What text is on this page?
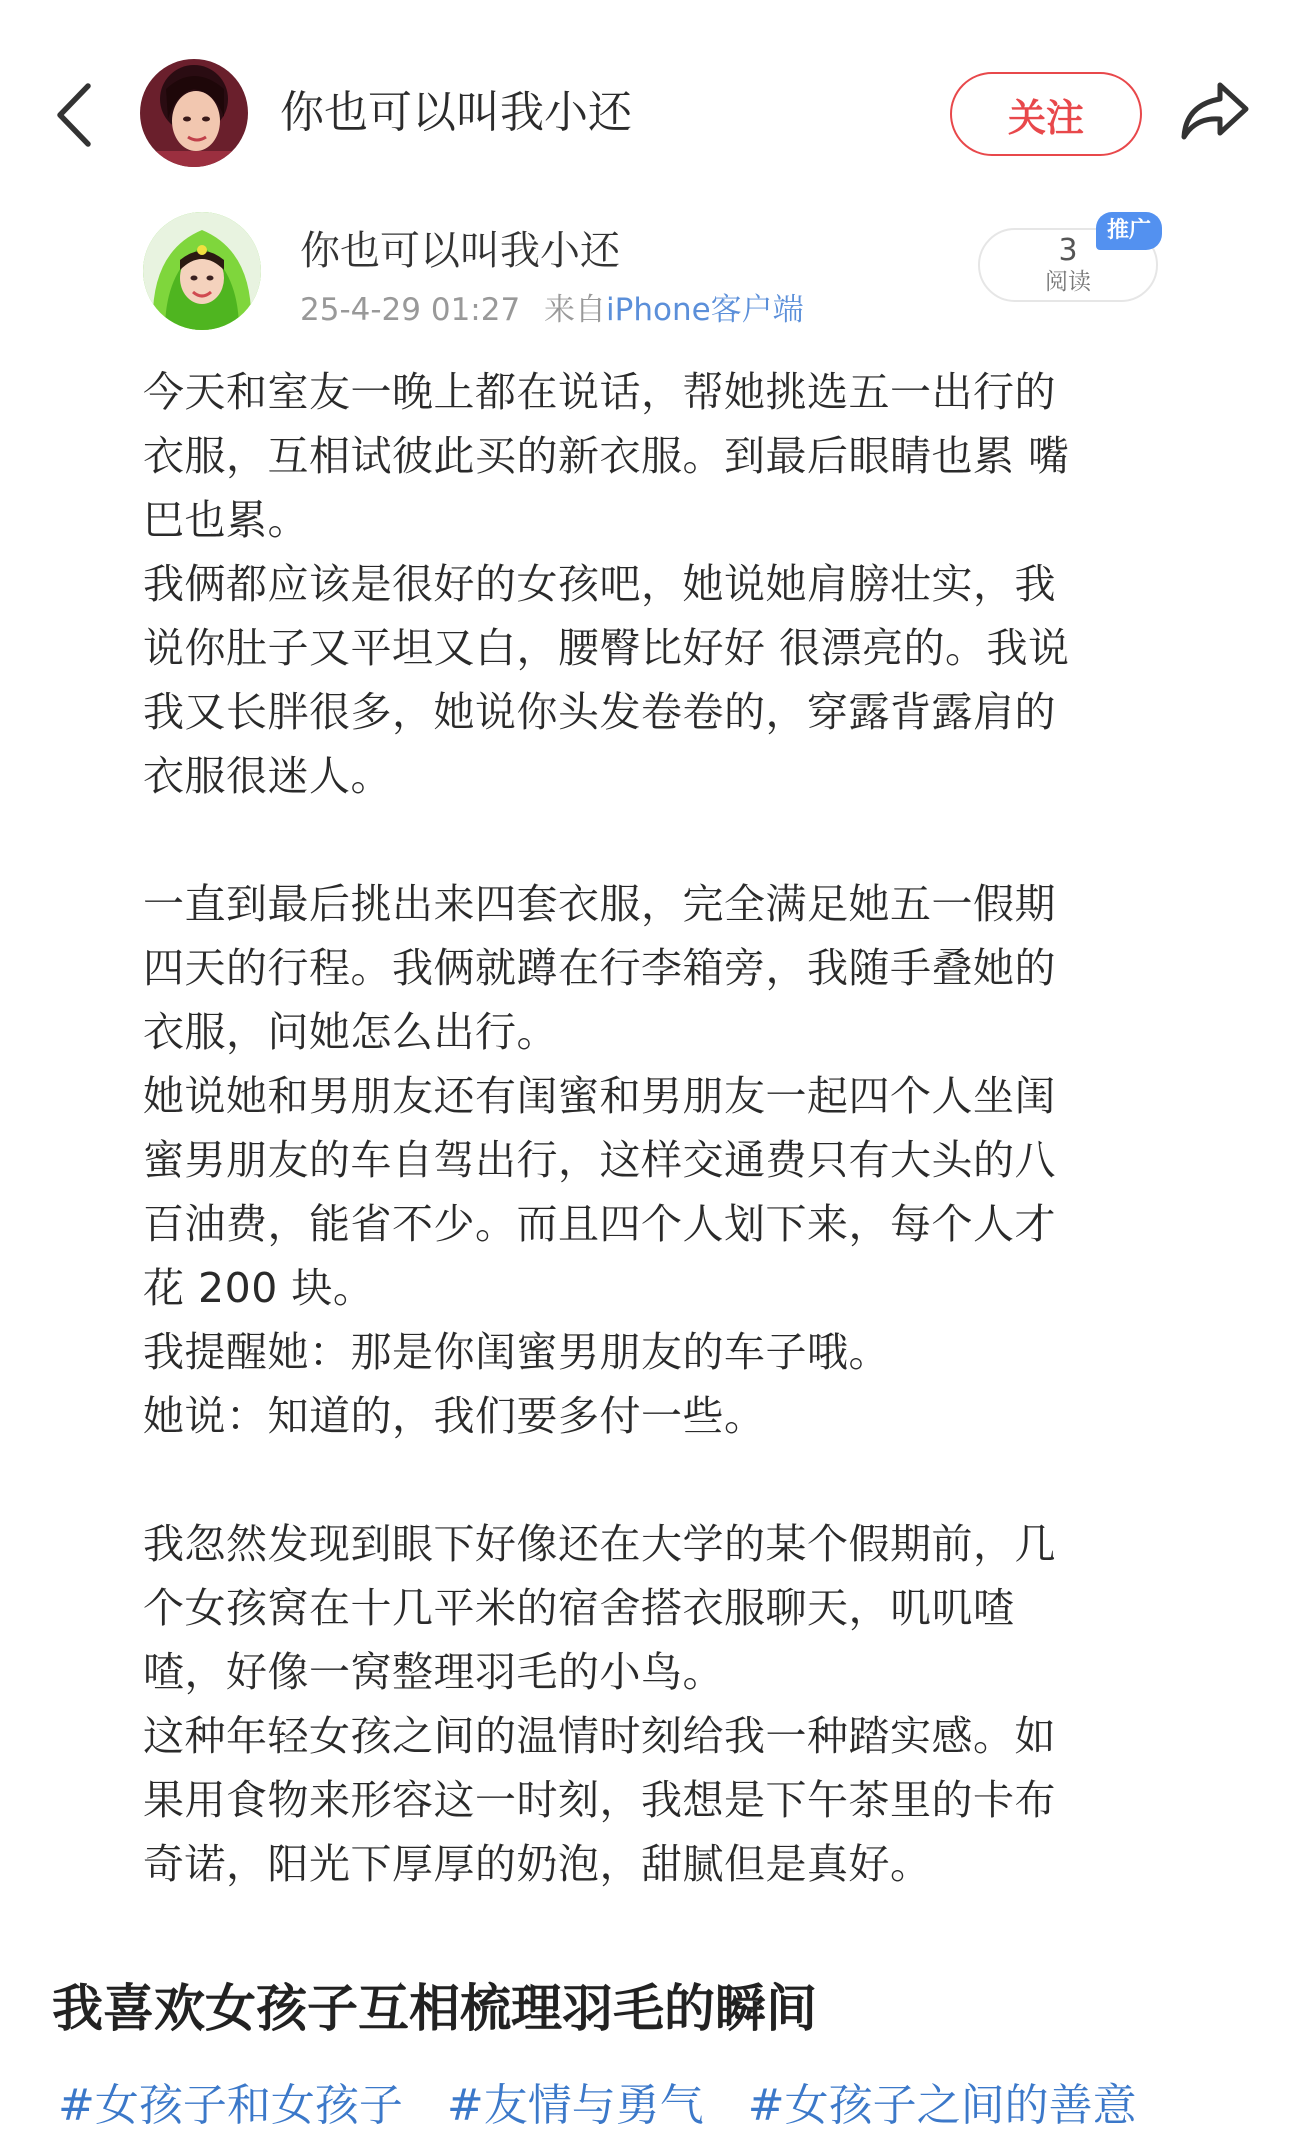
你也可以叫我小还	关注
你也可以叫我小还
25-4-29 01:27 来自iPhone客户端
3
阅读
推广
今天和室友一晚上都在说话，帮她挑选五一出行的
衣服，互相试彼此买的新衣服。到最后眼睛也累 嘴
巴也累。
我俩都应该是很好的女孩吧，她说她肩膀壮实，我
说你肚子又平坦又白，腰臀比好好 很漂亮的。我说
我又长胖很多，她说你头发卷卷的，穿露背露肩的
衣服很迷人。
一直到最后挑出来四套衣服，完全满足她五一假期
四天的行程。我俩就蹲在行李箱旁，我随手叠她的
衣服，问她怎么出行。
她说她和男朋友还有闺蜜和男朋友一起四个人坐闺
蜜男朋友的车自驾出行，这样交通费只有大头的八
百油费，能省不少。而且四个人划下来，每个人才
花 200 块。
我提醒她：那是你闺蜜男朋友的车子哦。
她说：知道的，我们要多付一些。
我忽然发现到眼下好像还在大学的某个假期前，几
个女孩窝在十几平米的宿舍搭衣服聊天，叽叽喳
喳，好像一窝整理羽毛的小鸟。
这种年轻女孩之间的温情时刻给我一种踏实感。如
果用食物来形容这一时刻，我想是下午茶里的卡布
奇诺，阳光下厚厚的奶泡，甜腻但是真好。
我喜欢女孩子互相梳理羽毛的瞬间
#女孩子和女孩子 #友情与勇气 #女孩子之间的善意
